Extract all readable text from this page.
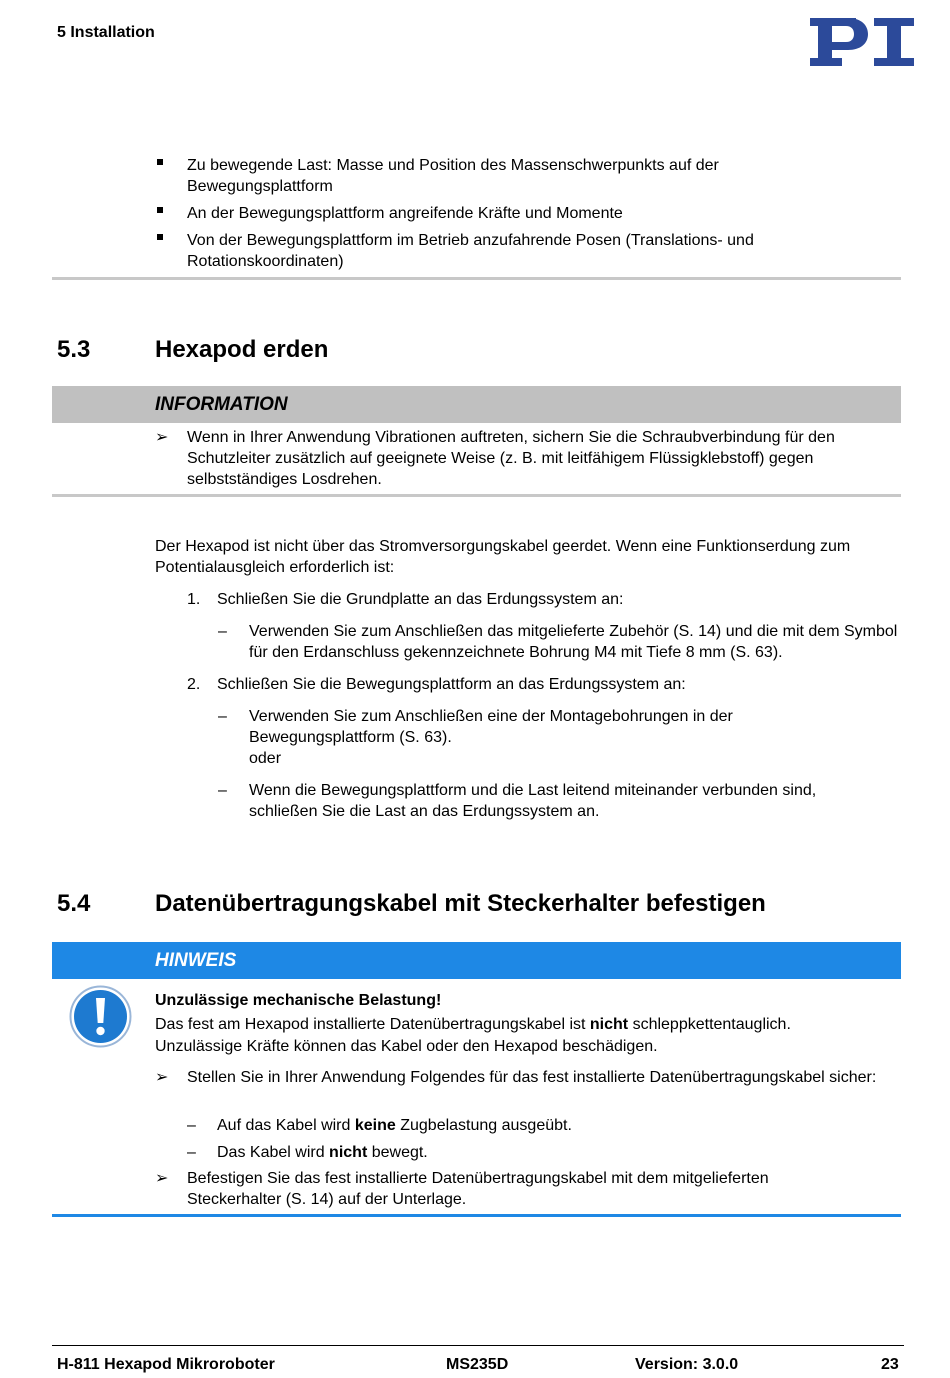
5 Installation
Zu bewegende Last: Masse und Position des Massenschwerpunkts auf der Bewegungsplattform
An der Bewegungsplattform angreifende Kräfte und Momente
Von der Bewegungsplattform im Betrieb anzufahrende Posen (Translations- und Rotationskoordinaten)
5.3	Hexapod erden
INFORMATION
➢ Wenn in Ihrer Anwendung Vibrationen auftreten, sichern Sie die Schraubverbindung für den Schutzleiter zusätzlich auf geeignete Weise (z. B. mit leitfähigem Flüssigklebstoff) gegen selbstständiges Losdrehen.
Der Hexapod ist nicht über das Stromversorgungskabel geerdet. Wenn eine Funktionserdung zum Potentialausgleich erforderlich ist:
1. Schließen Sie die Grundplatte an das Erdungssystem an:
– Verwenden Sie zum Anschließen das mitgelieferte Zubehör (S. 14) und die mit dem Symbol für den Erdanschluss gekennzeichnete Bohrung M4 mit Tiefe 8 mm (S. 63).
2. Schließen Sie die Bewegungsplattform an das Erdungssystem an:
– Verwenden Sie zum Anschließen eine der Montagebohrungen in der Bewegungsplattform (S. 63).
oder
– Wenn die Bewegungsplattform und die Last leitend miteinander verbunden sind, schließen Sie die Last an das Erdungssystem an.
5.4	Datenübertragungskabel mit Steckerhalter befestigen
HINWEIS
Unzulässige mechanische Belastung!
Das fest am Hexapod installierte Datenübertragungskabel ist nicht schleppkettentauglich.
Unzulässige Kräfte können das Kabel oder den Hexapod beschädigen.
➢ Stellen Sie in Ihrer Anwendung Folgendes für das fest installierte Datenübertragungskabel sicher:
– Auf das Kabel wird keine Zugbelastung ausgeübt.
– Das Kabel wird nicht bewegt.
➢ Befestigen Sie das fest installierte Datenübertragungskabel mit dem mitgelieferten Steckerhalter (S. 14) auf der Unterlage.
H-811 Hexapod Mikroroboter	MS235D	Version: 3.0.0	23
